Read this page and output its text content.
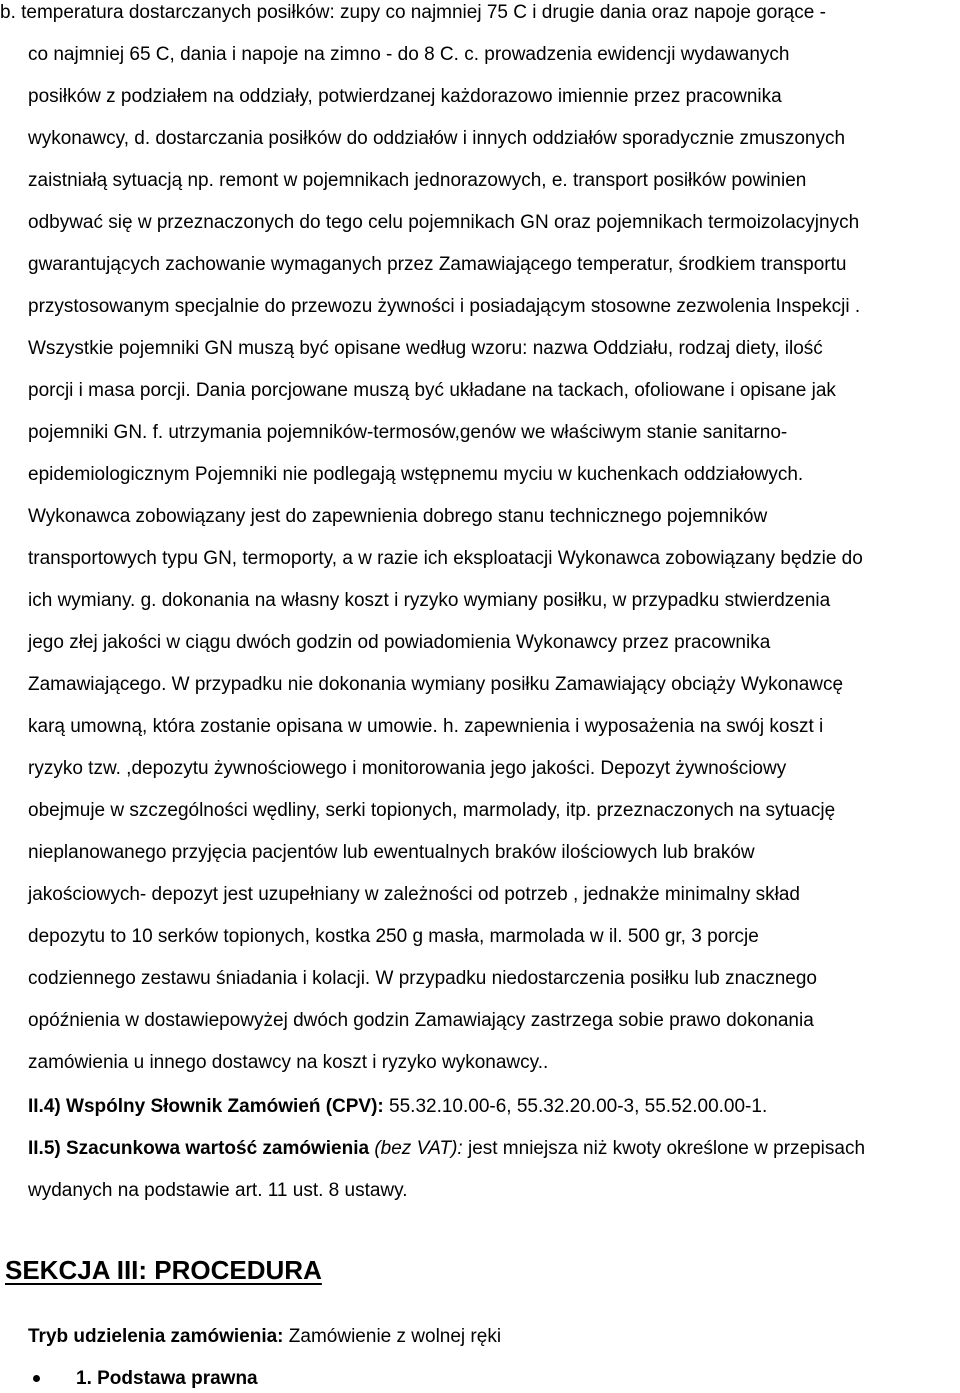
b. temperatura dostarczanych posiłków: zupy co najmniej 75 C i drugie dania oraz napoje gorące -
co najmniej 65 C, dania i napoje na zimno - do 8 C. c. prowadzenia ewidencji wydawanych
posiłków z podziałem na oddziały, potwierdzanej każdorazowo imiennie przez pracownika
wykonawcy, d. dostarczania posiłków do oddziałów i innych oddziałów sporadycznie zmuszonych
zaistniałą sytuacją np. remont w pojemnikach jednorazowych, e. transport posiłków powinien
odbywać się w przeznaczonych do tego celu pojemnikach GN oraz pojemnikach termoizolacyjnych
gwarantujących zachowanie wymaganych przez Zamawiającego temperatur, środkiem transportu
przystosowanym specjalnie do przewozu żywności i posiadającym stosowne zezwolenia Inspekcji .
Wszystkie pojemniki GN muszą być opisane według wzoru: nazwa Oddziału, rodzaj diety, ilość
porcji i masa porcji. Dania porcjowane muszą być układane na tackach, ofoliowane i opisane jak
pojemniki GN. f. utrzymania pojemników-termosów,genów we właściwym stanie sanitarno-
epidemiologicznym Pojemniki nie podlegają wstępnemu myciu w kuchenkach oddziałowych.
Wykonawca zobowiązany jest do zapewnienia dobrego stanu technicznego pojemników
transportowych typu GN, termoporty, a w razie ich eksploatacji Wykonawca zobowiązany będzie do
ich wymiany. g. dokonania na własny koszt i ryzyko wymiany posiłku, w przypadku stwierdzenia
jego złej jakości w ciągu dwóch godzin od powiadomienia Wykonawcy przez pracownika
Zamawiającego. W przypadku nie dokonania wymiany posiłku Zamawiający obciąży Wykonawcę
karą umowną, która zostanie opisana w umowie. h. zapewnienia i wyposażenia na swój koszt i
ryzyko tzw. ,depozytu żywnościowego i monitorowania jego jakości. Depozyt żywnościowy
obejmuje w szczególności wędliny, serki topionych, marmolady, itp. przeznaczonych na sytuację
nieplanowanego przyjęcia pacjentów lub ewentualnych braków ilościowych lub braków
jakościowych- depozyt jest uzupełniany w zależności od potrzeb , jednakże minimalny skład
depozytu to 10 serków topionych, kostka 250 g masła, marmolada w il. 500 gr, 3 porcje
codziennego zestawu śniadania i kolacji. W przypadku niedostarczenia posiłku lub znacznego
opóźnienia w dostawiepowyżej dwóch godzin Zamawiający zastrzega sobie prawo dokonania
zamówienia u innego dostawcy na koszt i ryzyko wykonawcy..
II.4) Wspólny Słownik Zamówień (CPV): 55.32.10.00-6, 55.32.20.00-3, 55.52.00.00-1.
II.5) Szacunkowa wartość zamówienia (bez VAT): jest mniejsza niż kwoty określone w przepisach
wydanych na podstawie art. 11 ust. 8 ustawy.
SEKCJA III: PROCEDURA
Tryb udzielenia zamówienia: Zamówienie z wolnej ręki
1. Podstawa prawna
